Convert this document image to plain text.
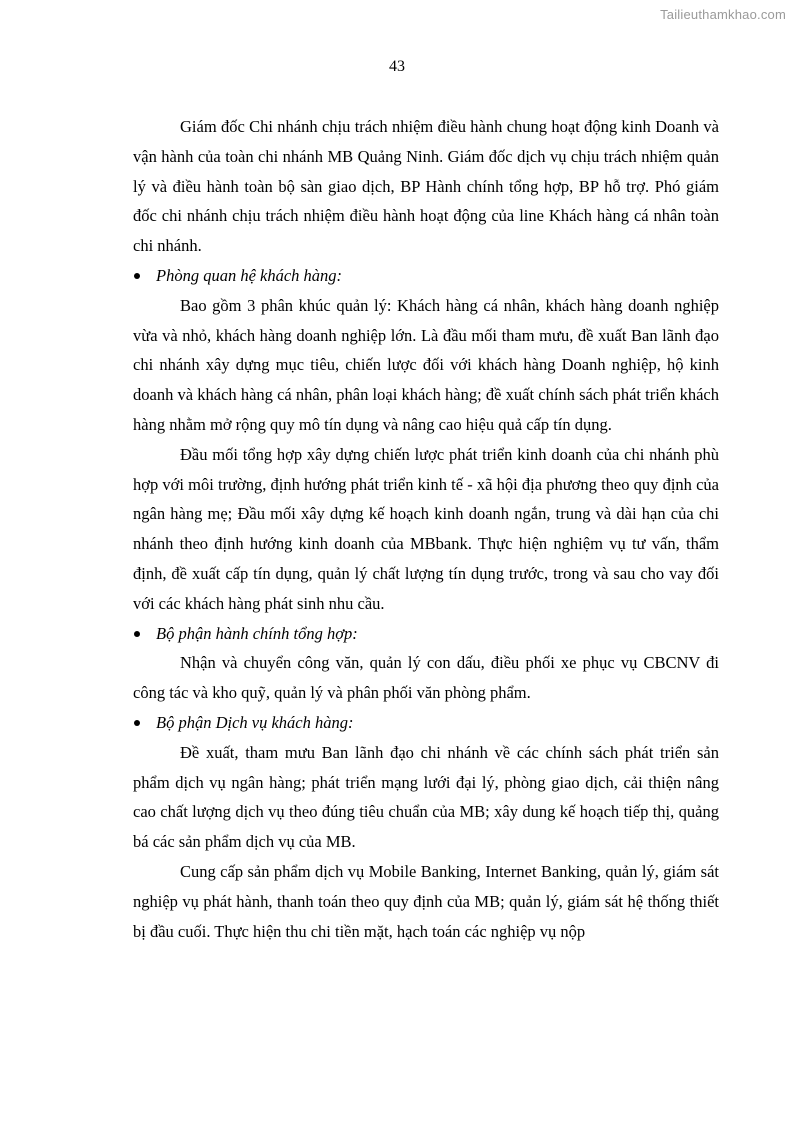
Tailieuthamkhao.com
43

Giám đốc Chi nhánh chịu trách nhiệm điều hành chung hoạt động kinh Doanh và vận hành của toàn chi nhánh MB Quảng Ninh. Giám đốc dịch vụ chịu trách nhiệm quản lý và điều hành toàn bộ sàn giao dịch, BP Hành chính tổng hợp, BP hỗ trợ. Phó giám đốc chi nhánh chịu trách nhiệm điều hành hoạt động của line Khách hàng cá nhân toàn chi nhánh.

Phòng quan hệ khách hàng:

Bao gồm 3 phân khúc quản lý: Khách hàng cá nhân, khách hàng doanh nghiệp vừa và nhỏ, khách hàng doanh nghiệp lớn. Là đầu mối tham mưu, đề xuất Ban lãnh đạo chi nhánh xây dựng mục tiêu, chiến lược đối với khách hàng Doanh nghiệp, hộ kinh doanh và khách hàng cá nhân, phân loại khách hàng; đề xuất chính sách phát triển khách hàng nhằm mở rộng quy mô tín dụng và nâng cao hiệu quả cấp tín dụng.

Đầu mối tổng hợp xây dựng chiến lược phát triển kinh doanh của chi nhánh phù hợp với môi trường, định hướng phát triển kinh tế - xã hội địa phương theo quy định của ngân hàng mẹ; Đầu mối xây dựng kế hoạch kinh doanh ngắn, trung và dài hạn của chi nhánh theo định hướng kinh doanh của MBbank. Thực hiện nghiệm vụ tư vấn, thẩm định, đề xuất cấp tín dụng, quản lý chất lượng tín dụng trước, trong và sau cho vay đối với các khách hàng phát sinh nhu cầu.

Bộ phận hành chính tổng hợp:

Nhận và chuyển công văn, quản lý con dấu, điều phối xe phục vụ CBCNV đi công tác và kho quỹ, quản lý và phân phối văn phòng phẩm.

Bộ phận Dịch vụ khách hàng:

Đề xuất, tham mưu Ban lãnh đạo chi nhánh về các chính sách phát triển sản phẩm dịch vụ ngân hàng; phát triển mạng lưới đại lý, phòng giao dịch, cải thiện nâng cao chất lượng dịch vụ theo đúng tiêu chuẩn của MB; xây dung kế hoạch tiếp thị, quảng bá các sản phẩm dịch vụ của MB.

Cung cấp sản phẩm dịch vụ Mobile Banking, Internet Banking, quản lý, giám sát nghiệp vụ phát hành, thanh toán theo quy định của MB; quản lý, giám sát hệ thống thiết bị đầu cuối. Thực hiện thu chi tiền mặt, hạch toán các nghiệp vụ nộp
